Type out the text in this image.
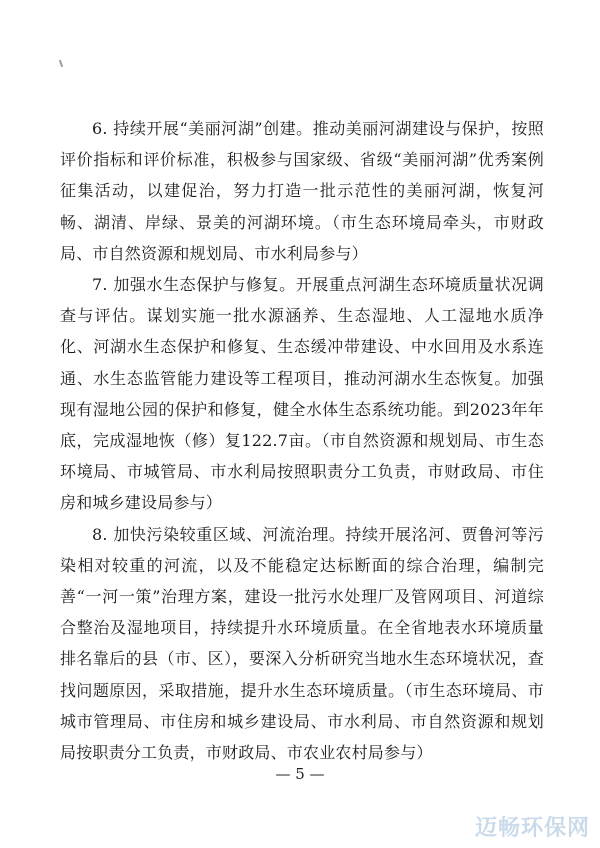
6. 持续开展“美丽河湖”创建。推动美丽河湖建设与保护，按照评价指标和评价标准，积极参与国家级、省级“美丽河湖”优秀案例征集活动，以建促治，努力打造一批示范性的美丽河湖，恢复河畅、湖清、岸绿、景美的河湖环境。（市生态环境局牵头，市财政局、市自然资源和规划局、市水利局参与）

7. 加强水生态保护与修复。开展重点河湖生态环境质量状况调查与评估。谋划实施一批水源涵养、生态湿地、人工湿地水质净化、河湖水生态保护和修复、生态缓冲带建设、中水回用及水系连通、水生态监管能力建设等工程项目，推动河湖水生态恢复。加强现有湿地公园的保护和修复，健全水体生态系统功能。到2023年年底，完成湿地恢（修）复122.7亩。（市自然资源和规划局、市生态环境局、市城管局、市水利局按照职责分工负责，市财政局、市住房和城乡建设局参与）

8. 加快污染较重区域、河流治理。持续开展洺河、贾鲁河等污染相对较重的河流，以及不能稳定达标断面的综合治理，编制完善“一河一策”治理方案，建设一批污水处理厂及管网项目、河道综合整治及湿地项目，持续提升水环境质量。在全省地表水环境质量排名靠后的县（市、区），要深入分析研究当地水生态环境状况，查找问题原因，采取措施，提升水生态环境质量。（市生态环境局、市城市管理局、市住房和城乡建设局、市水利局、市自然资源和规划局按职责分工负责，市财政局、市农业农村局参与）

— 5 —
迈畅环保网
